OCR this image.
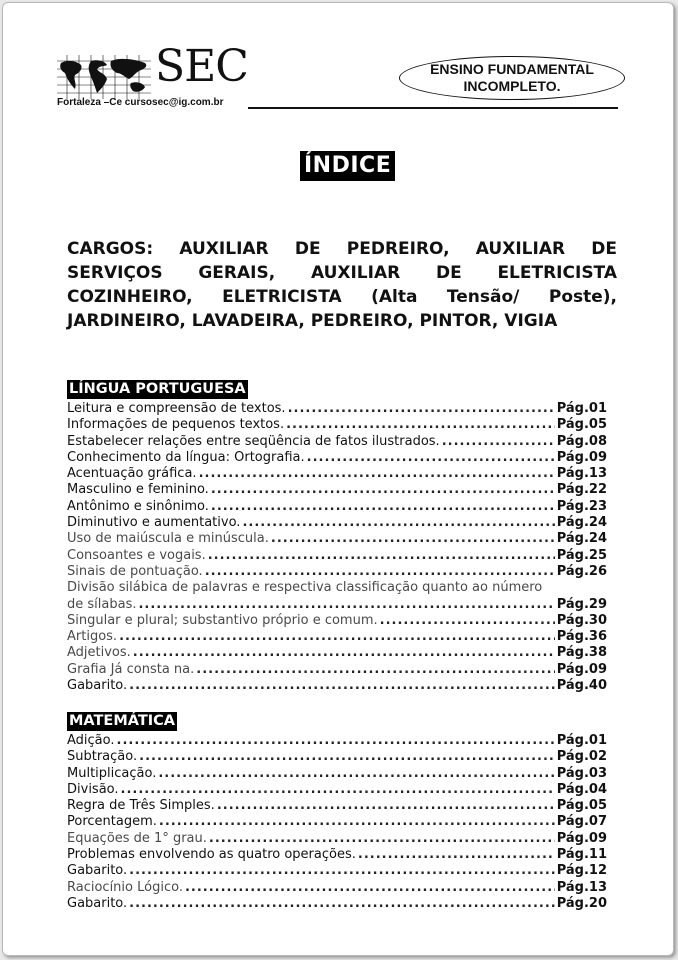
SEC
Fortaleza –Ce cursosec@ig.com.br
ENSINO FUNDAMENTAL
INCOMPLETO.
ÍNDICE
CARGOS: AUXILIAR DE PEDREIRO, AUXILIAR DE SERVIÇOS GERAIS, AUXILIAR DE ELETRICISTA COZINHEIRO, ELETRICISTA (Alta Tensão/ Poste), JARDINEIRO, LAVADEIRA, PEDREIRO, PINTOR, VIGIA
LÍNGUA PORTUGUESA
Leitura e compreensão de textos. .....	Pág.01
Informações de pequenos textos. .....	Pág.05
Estabelecer relações entre seqüência de fatos ilustrados. .....	Pág.08
Conhecimento da língua: Ortografia. .....	Pág.09
Acentuação gráfica. .....	Pág.13
Masculino e feminino. .....	Pág.22
Antônimo e sinônimo. .....	Pág.23
Diminutivo e aumentativo. .....	Pág.24
Uso de maiúscula e minúscula. .....	Pág.24
Consoantes e vogais. .....	Pág.25
Sinais de pontuação. .....	Pág.26
Divisão silábica de palavras e respectiva classificação quanto ao número
de sílabas. .....	Pág.29
Singular e plural; substantivo próprio e comum. .....	Pág.30
Artigos. .....	Pág.36
Adjetivos. .....	Pág.38
Grafia Já consta na. .....	Pág.09
Gabarito. .....	Pág.40
MATEMÁTICA
Adição. .....	Pág.01
Subtração. .....	Pág.02
Multiplicação. .....	Pág.03
Divisão. .....	Pág.04
Regra de Três Simples. .....	Pág.05
Porcentagem. .....	Pág.07
Equações de 1° grau. .....	Pág.09
Problemas envolvendo as quatro operações. .....	Pág.11
Gabarito. .....	Pág.12
Raciocínio Lógico. .....	Pág.13
Gabarito. .....	Pág.20
